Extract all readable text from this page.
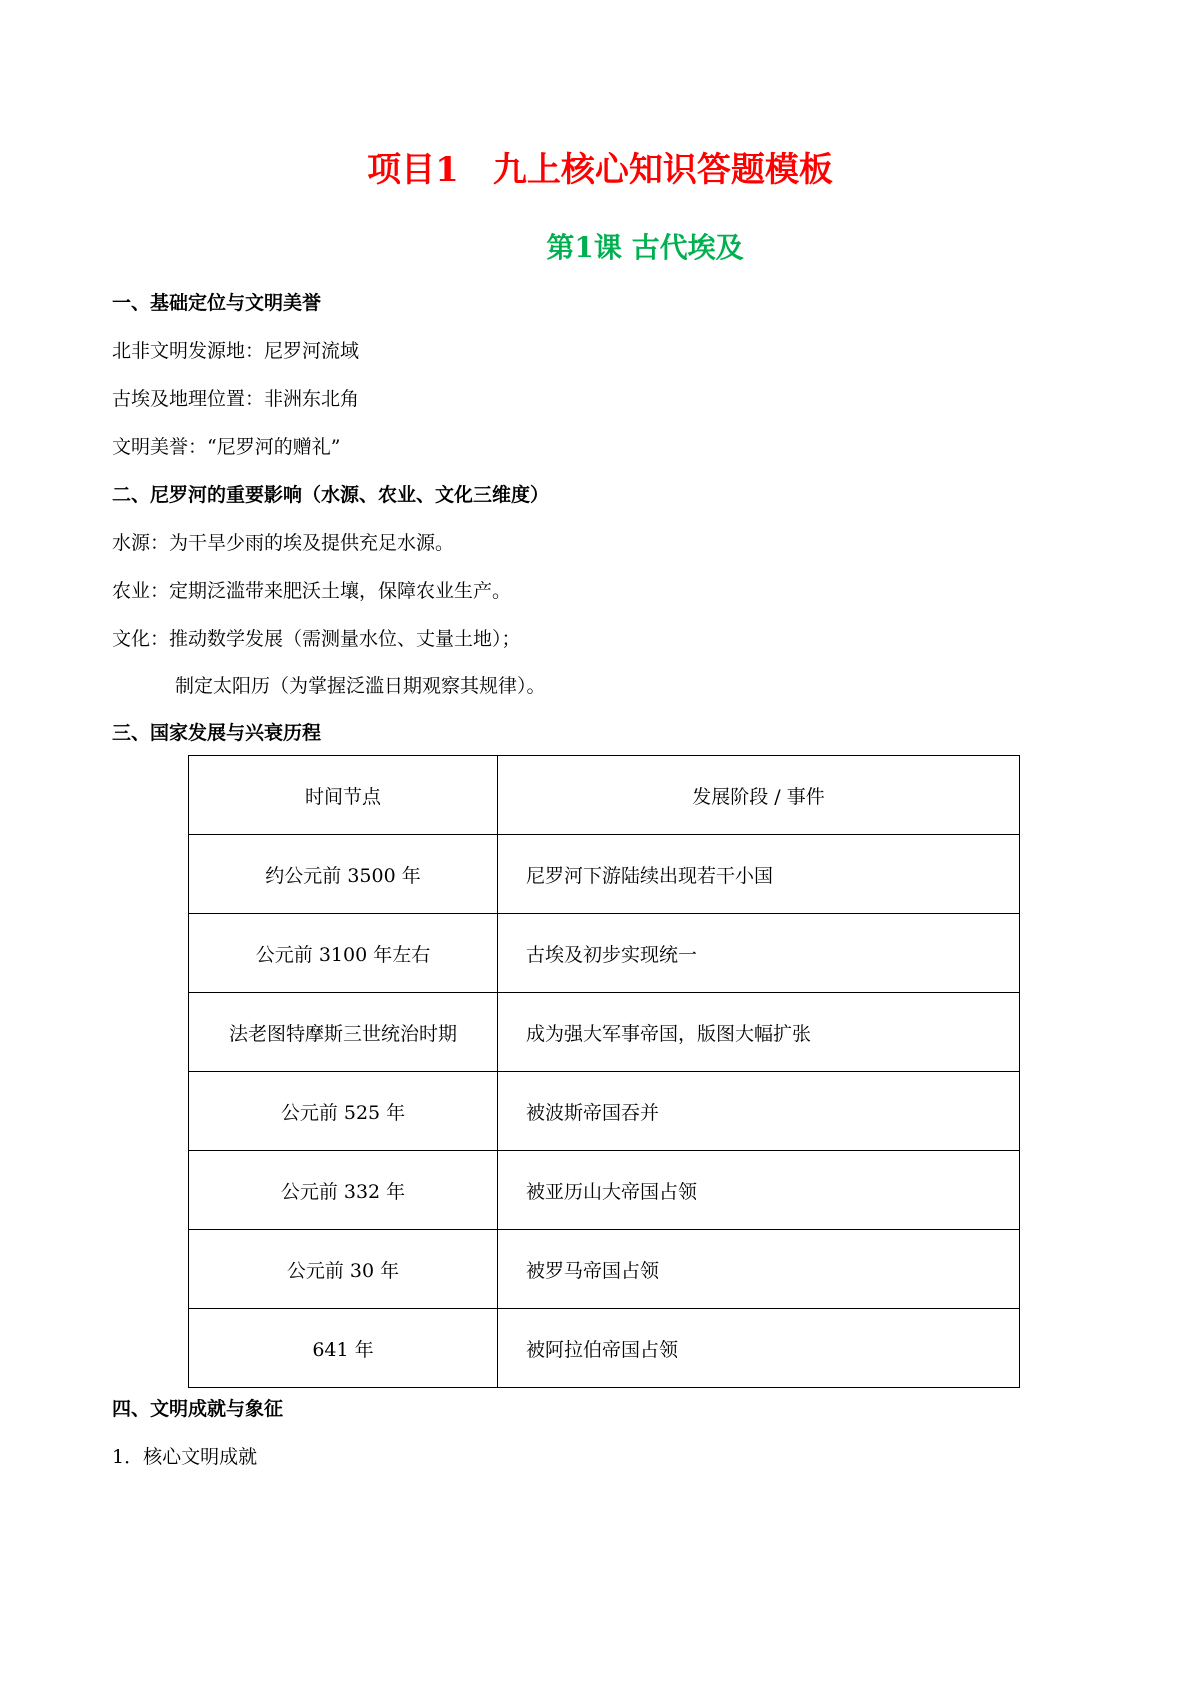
项目1　九上核心知识答题模板
第1课 古代埃及
一、基础定位与文明美誉
北非文明发源地：尼罗河流域
古埃及地理位置：非洲东北角
文明美誉：“尼罗河的赠礼”
二、尼罗河的重要影响（水源、农业、文化三维度）
水源：为干旱少雨的埃及提供充足水源。
农业：定期泛滥带来肥沃土壤，保障农业生产。
文化：推动数学发展（需测量水位、丈量土地）；
制定太阳历（为掌握泛滥日期观察其规律）。
三、国家发展与兴衰历程
时间节点	发展阶段 / 事件
约公元前 3500 年	尼罗河下游陆续出现若干小国
公元前 3100 年左右	古埃及初步实现统一
法老图特摩斯三世统治时期	成为强大军事帝国，版图大幅扩张
公元前 525 年	被波斯帝国吞并
公元前 332 年	被亚历山大帝国占领
公元前 30 年	被罗马帝国占领
641 年	被阿拉伯帝国占领
四、文明成就与象征
1．核心文明成就
